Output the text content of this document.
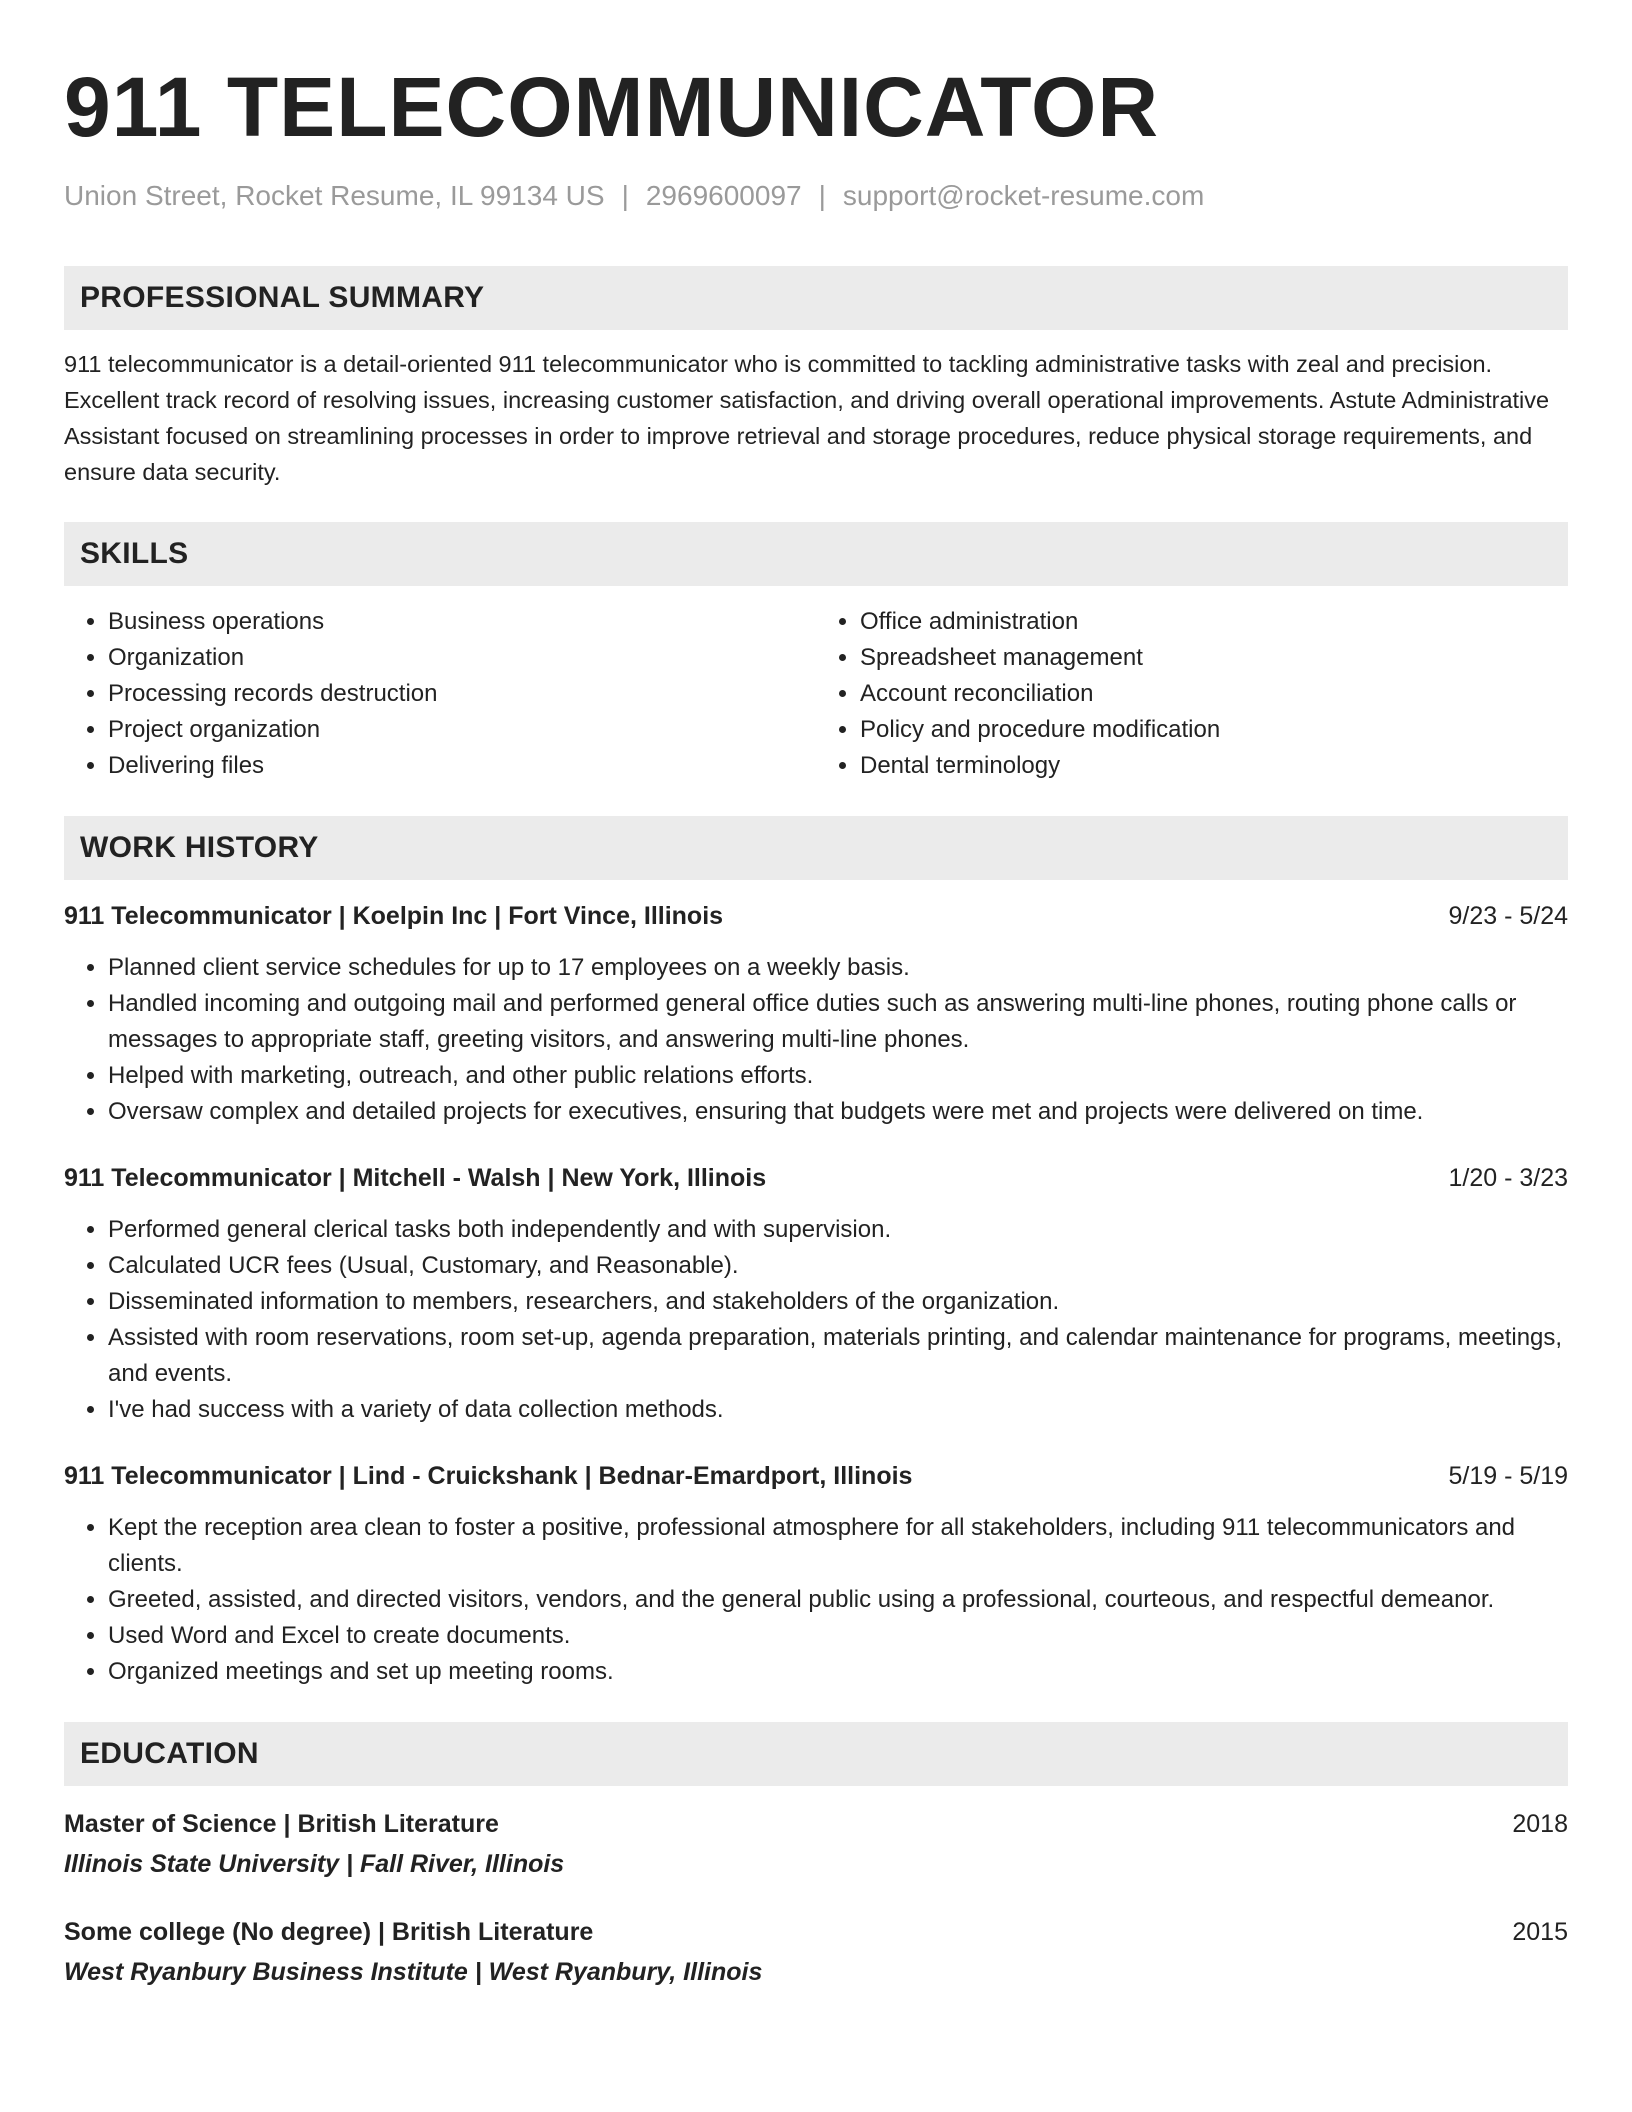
911 TELECOMMUNICATOR
Union Street, Rocket Resume, IL 99134 US | 2969600097 | support@rocket-resume.com
PROFESSIONAL SUMMARY

911 telecommunicator is a detail-oriented 911 telecommunicator who is committed to tackling administrative tasks with zeal and precision. Excellent track record of resolving issues, increasing customer satisfaction, and driving overall operational improvements. Astute Administrative Assistant focused on streamlining processes in order to improve retrieval and storage procedures, reduce physical storage requirements, and ensure data security.

SKILLS
• Business operations
• Organization
• Processing records destruction
• Project organization
• Delivering files
• Office administration
• Spreadsheet management
• Account reconciliation
• Policy and procedure modification
• Dental terminology
WORK HISTORY
911 Telecommunicator | Koelpin Inc | Fort Vince, Illinois	9/23 - 5/24
• Planned client service schedules for up to 17 employees on a weekly basis.
• Handled incoming and outgoing mail and performed general office duties such as answering multi-line phones, routing phone calls or messages to appropriate staff, greeting visitors, and answering multi-line phones.
• Helped with marketing, outreach, and other public relations efforts.
• Oversaw complex and detailed projects for executives, ensuring that budgets were met and projects were delivered on time.
911 Telecommunicator | Mitchell - Walsh | New York, Illinois	1/20 - 3/23
• Performed general clerical tasks both independently and with supervision.
• Calculated UCR fees (Usual, Customary, and Reasonable).
• Disseminated information to members, researchers, and stakeholders of the organization.
• Assisted with room reservations, room set-up, agenda preparation, materials printing, and calendar maintenance for programs, meetings, and events.
• I've had success with a variety of data collection methods.
911 Telecommunicator | Lind - Cruickshank | Bednar-Emardport, Illinois	5/19 - 5/19
• Kept the reception area clean to foster a positive, professional atmosphere for all stakeholders, including 911 telecommunicators and clients.
• Greeted, assisted, and directed visitors, vendors, and the general public using a professional, courteous, and respectful demeanor.
• Used Word and Excel to create documents.
• Organized meetings and set up meeting rooms.
EDUCATION
Master of Science | British Literature	2018
Illinois State University | Fall River, Illinois
Some college (No degree) | British Literature	2015
West Ryanbury Business Institute | West Ryanbury, Illinois
